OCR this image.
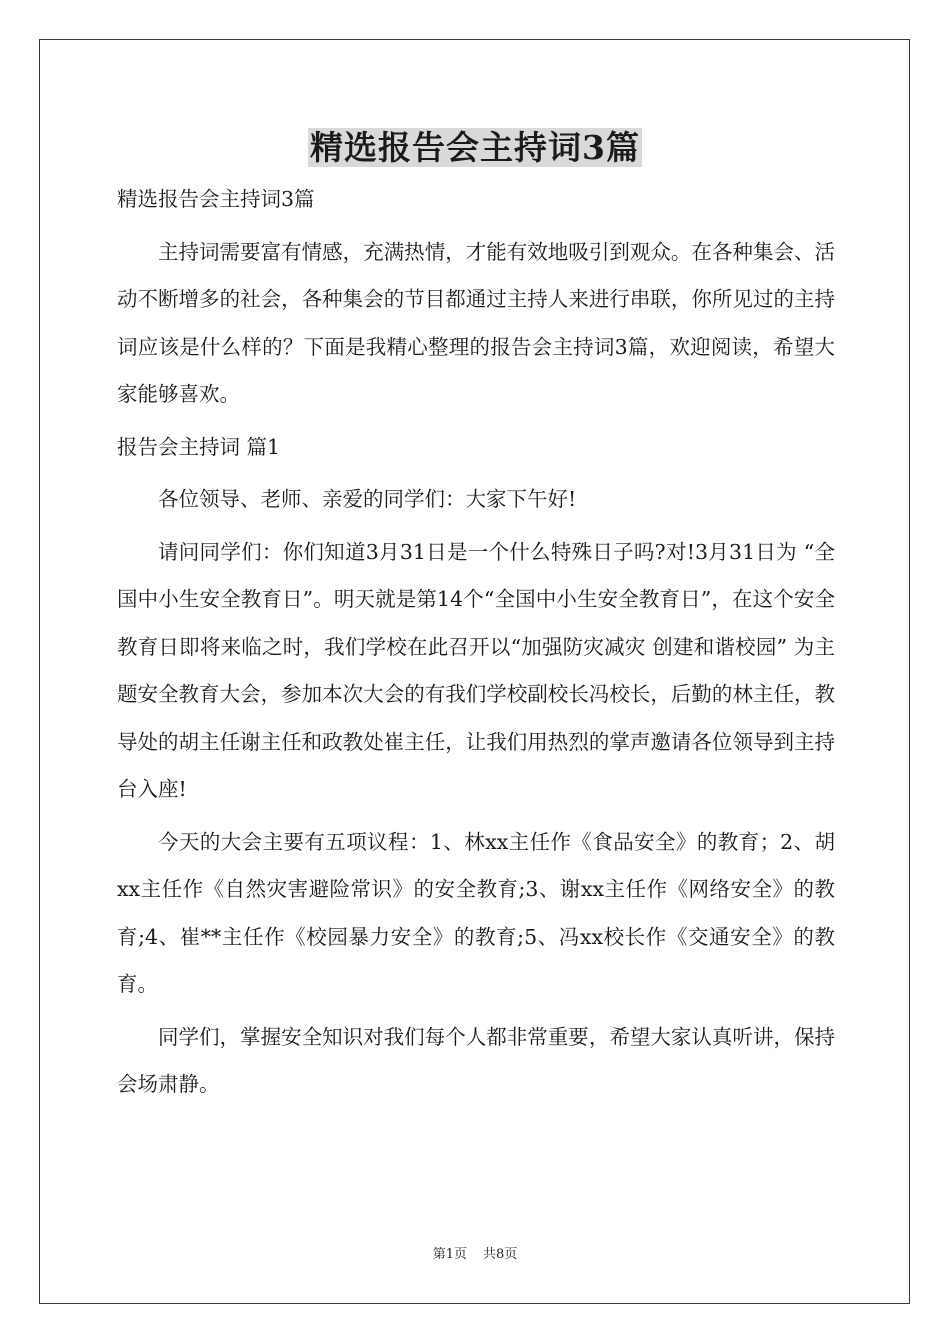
精选报告会主持词3篇

精选报告会主持词3篇

主持词需要富有情感，充满热情，才能有效地吸引到观众。在各种集会、活动不断增多的社会，各种集会的节目都通过主持人来进行串联，你所见过的主持词应该是什么样的？下面是我精心整理的报告会主持词3篇，欢迎阅读，希望大家能够喜欢。

报告会主持词 篇1

各位领导、老师、亲爱的同学们：大家下午好!

请问同学们：你们知道3月31日是一个什么特殊日子吗?对!3月31日为 “全国中小生安全教育日”。明天就是第14个“全国中小生安全教育日”，在这个安全教育日即将来临之时，我们学校在此召开以“加强防灾减灾 创建和谐校园” 为主题安全教育大会，参加本次大会的有我们学校副校长冯校长，后勤的林主任，教导处的胡主任谢主任和政教处崔主任，让我们用热烈的掌声邀请各位领导到主持台入座!

今天的大会主要有五项议程：1、林xx主任作《食品安全》的教育；2、胡xx主任作《自然灾害避险常识》的安全教育;3、谢xx主任作《网络安全》的教育;4、崔**主任作《校园暴力安全》的教育;5、冯xx校长作《交通安全》的教育。

同学们，掌握安全知识对我们每个人都非常重要，希望大家认真听讲，保持会场肃静。

第1页 共8页
